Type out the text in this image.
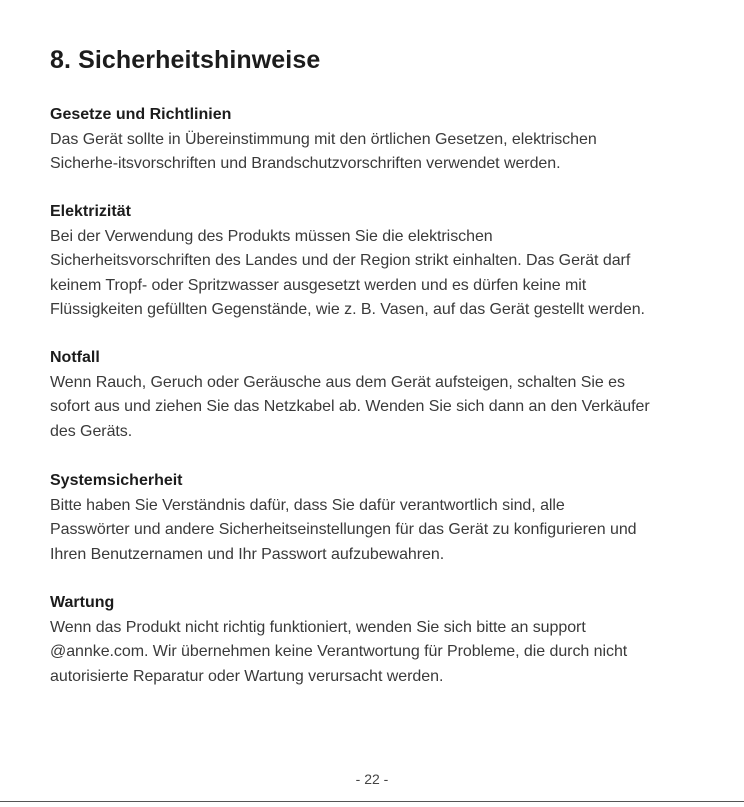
8. Sicherheitshinweise
Gesetze und Richtlinien
Das Gerät sollte in Übereinstimmung mit den örtlichen Gesetzen, elektrischen
Sicherhe-itsvorschriften und Brandschutzvorschriften verwendet werden.
Elektrizität
Bei der Verwendung des Produkts müssen Sie die elektrischen
Sicherheitsvorschriften des Landes und der Region strikt einhalten. Das Gerät darf
keinem Tropf- oder Spritzwasser ausgesetzt werden und es dürfen keine mit
Flüssigkeiten gefüllten Gegenstände, wie z. B. Vasen, auf das Gerät gestellt werden.
Notfall
Wenn Rauch, Geruch oder Geräusche aus dem Gerät aufsteigen, schalten Sie es
sofort aus und ziehen Sie das Netzkabel ab. Wenden Sie sich dann an den Verkäufer
des Geräts.
Systemsicherheit
Bitte haben Sie Verständnis dafür, dass Sie dafür verantwortlich sind, alle
Passwörter und andere Sicherheitseinstellungen für das Gerät zu konfigurieren und
Ihren Benutzernamen und Ihr Passwort aufzubewahren.
Wartung
Wenn das Produkt nicht richtig funktioniert, wenden Sie sich bitte an support
@annke.com. Wir übernehmen keine Verantwortung für Probleme, die durch nicht
autorisierte Reparatur oder Wartung verursacht werden.
- 22 -
